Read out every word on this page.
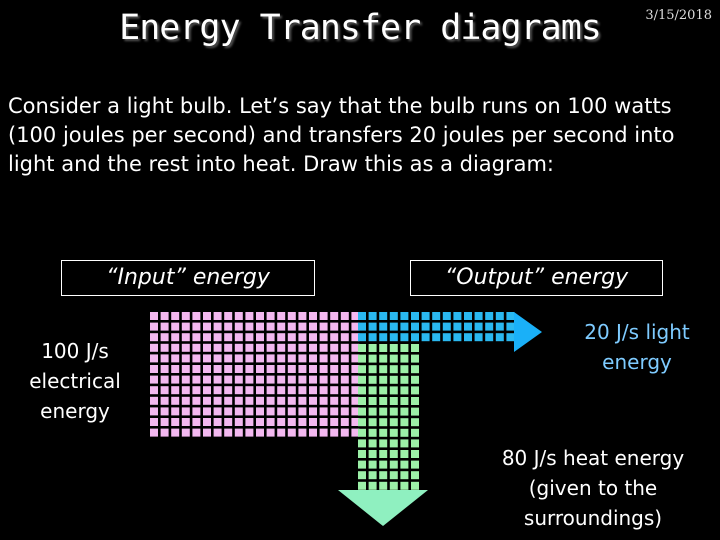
Energy Transfer diagrams	3/15/2018
Consider a light bulb. Let’s say that the bulb runs on 100 watts (100 joules per second) and transfers 20 joules per second into light and the rest into heat. Draw this as a diagram:
“Input” energy	“Output” energy
100 J/s electrical energy
20 J/s light energy
80 J/s heat energy (given to the surroundings)
